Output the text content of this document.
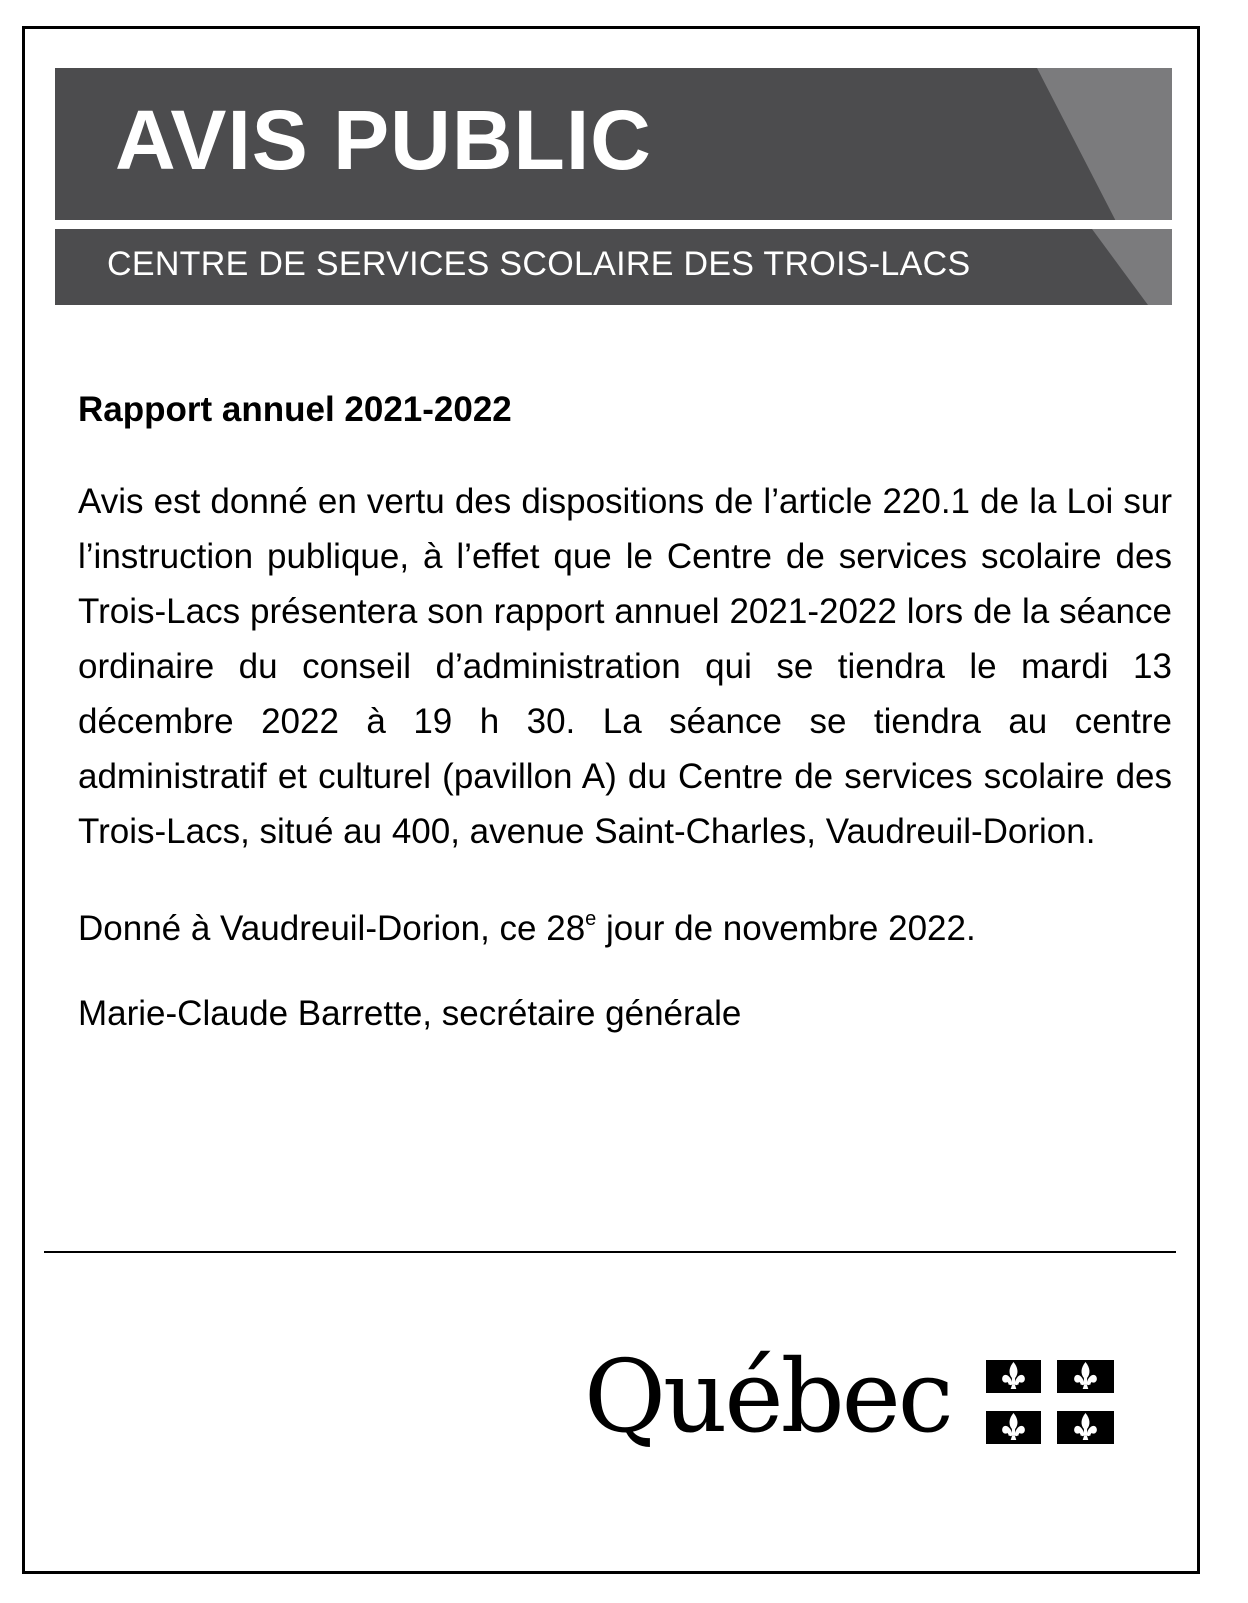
AVIS PUBLIC
CENTRE DE SERVICES SCOLAIRE DES TROIS-LACS

Rapport annuel 2021-2022

Avis est donné en vertu des dispositions de l’article 220.1 de la Loi sur l’instruction publique, à l’effet que le Centre de services scolaire des Trois-Lacs présentera son rapport annuel 2021-2022 lors de la séance ordinaire du conseil d’administration qui se tiendra le mardi 13 décembre 2022 à 19 h 30. La séance se tiendra au centre administratif et culturel (pavillon A) du Centre de services scolaire des Trois-Lacs, situé au 400, avenue Saint-Charles, Vaudreuil-Dorion.

Donné à Vaudreuil-Dorion, ce 28e jour de novembre 2022.

Marie-Claude Barrette, secrétaire générale

Québec
